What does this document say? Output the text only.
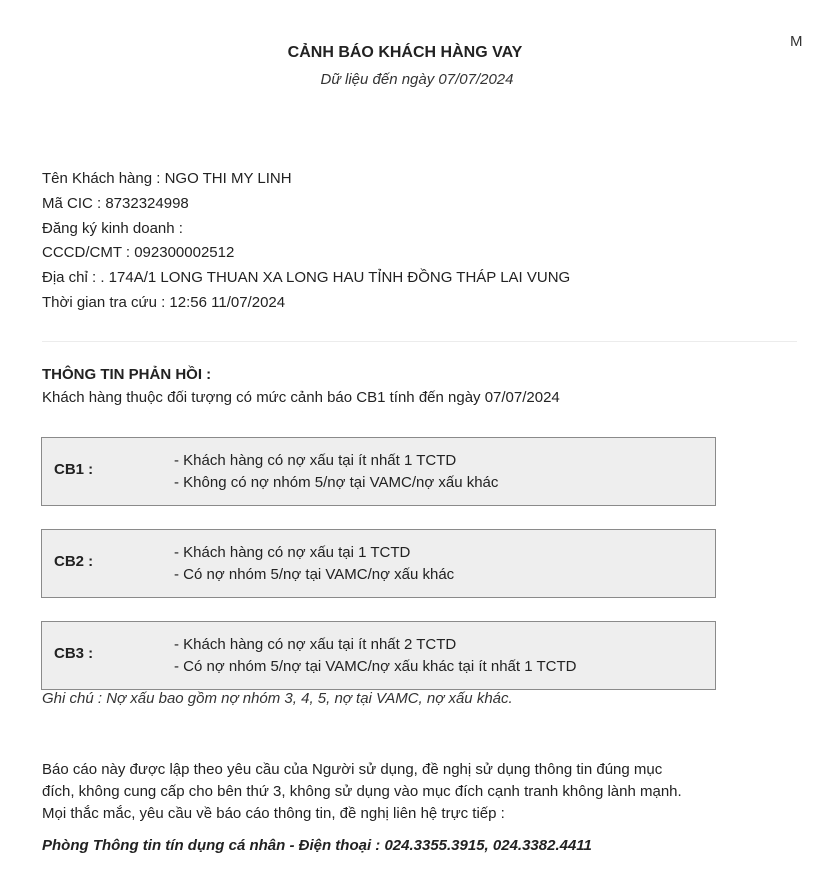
M
CẢNH BÁO KHÁCH HÀNG VAY
Dữ liệu đến ngày 07/07/2024
Tên Khách hàng : NGO THI MY LINH
Mã CIC : 8732324998
Đăng ký kinh doanh :
CCCD/CMT : 092300002512
Địa chỉ : . 174A/1 LONG THUAN XA LONG HAU TỈNH ĐỒNG THÁP LAI VUNG
Thời gian tra cứu : 12:56 11/07/2024
THÔNG TIN PHẢN HỒI :
Khách hàng thuộc đối tượng có mức cảnh báo CB1 tính đến ngày 07/07/2024
CB1 :
- Khách hàng có nợ xấu tại ít nhất 1 TCTD
- Không có nợ nhóm 5/nợ tại VAMC/nợ xấu khác
CB2 :
- Khách hàng có nợ xấu tại 1 TCTD
- Có nợ nhóm 5/nợ tại VAMC/nợ xấu khác
CB3 :
- Khách hàng có nợ xấu tại ít nhất 2 TCTD
- Có nợ nhóm 5/nợ tại VAMC/nợ xấu khác tại ít nhất 1 TCTD
Ghi chú : Nợ xấu bao gồm nợ nhóm 3, 4, 5, nợ tại VAMC, nợ xấu khác.
Báo cáo này được lập theo yêu cầu của Người sử dụng, đề nghị sử dụng thông tin đúng mục
đích, không cung cấp cho bên thứ 3, không sử dụng vào mục đích cạnh tranh không lành mạnh.
Mọi thắc mắc, yêu cầu về báo cáo thông tin, đề nghị liên hệ trực tiếp :
Phòng Thông tin tín dụng cá nhân - Điện thoại : 024.3355.3915, 024.3382.4411
